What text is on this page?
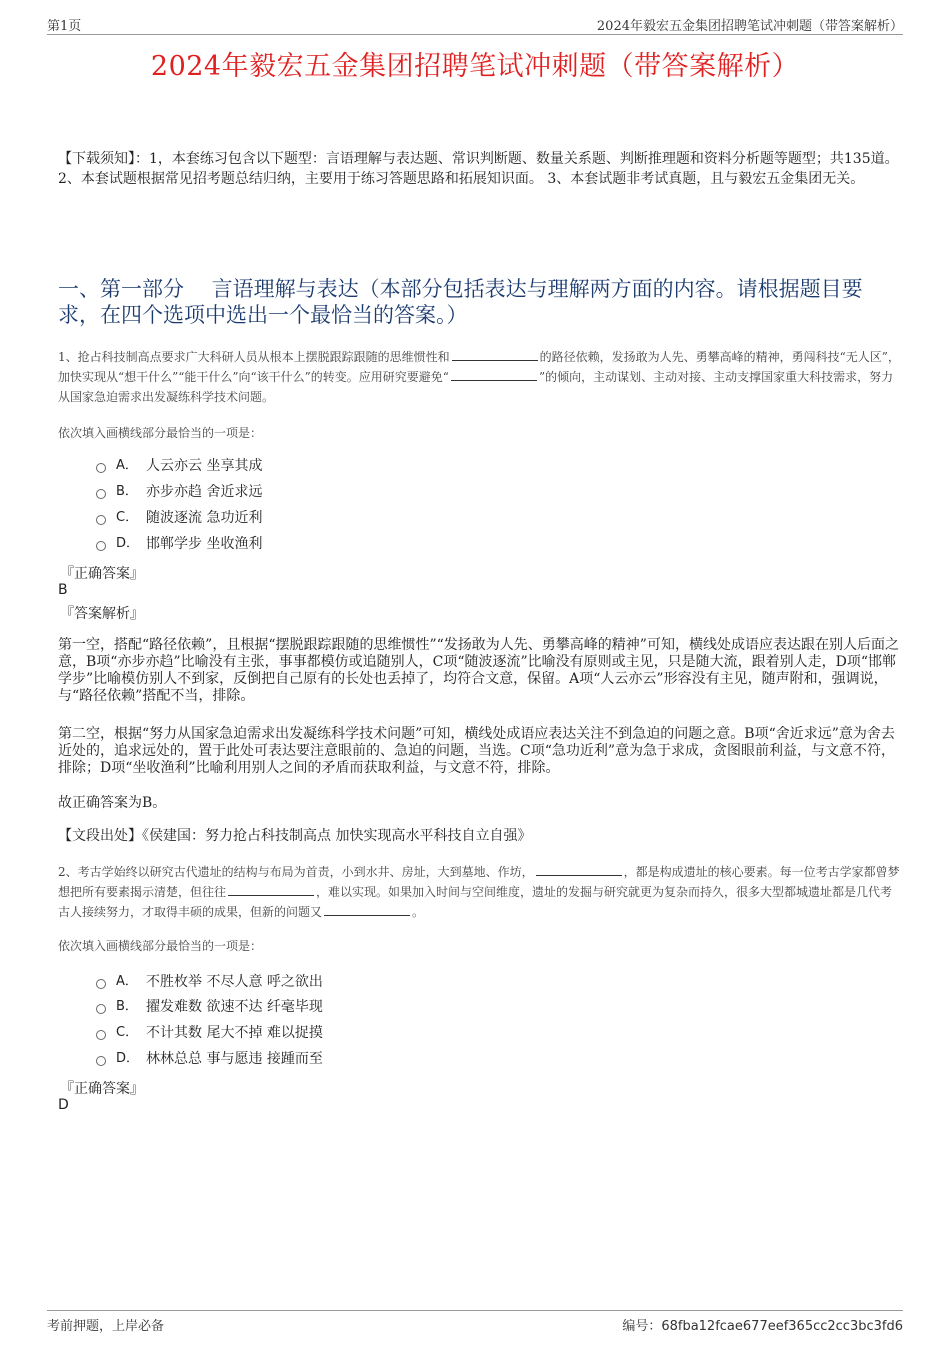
第1页	2024年毅宏五金集团招聘笔试冲刺题（带答案解析）
2024年毅宏五金集团招聘笔试冲刺题（带答案解析）
【下载须知】：1，本套练习包含以下题型：言语理解与表达题、常识判断题、数量关系题、判断推理题和资料分析题等题型；共135道。 2、本套试题根据常见招考题总结归纳，主要用于练习答题思路和拓展知识面。 3、本套试题非考试真题，且与毅宏五金集团无关。
一、第一部分　 言语理解与表达（本部分包括表达与理解两方面的内容。请根据题目要求，在四个选项中选出一个最恰当的答案。）
1、抢占科技制高点要求广大科研人员从根本上摆脱跟踪跟随的思维惯性和	的路径依赖，发扬敢为人先、勇攀高峰的精神，勇闯科技“无人区”，加快实现从“想干什么”“能干什么”向“该干什么”的转变。应用研究要避免“	”的倾向，主动谋划、主动对接、主动支撑国家重大科技需求，努力从国家急迫需求出发凝练科学技术问题。
依次填入画横线部分最恰当的一项是：
A． 人云亦云 坐享其成
B． 亦步亦趋 舍近求远
C． 随波逐流 急功近利
D． 邯郸学步 坐收渔利
『正确答案』
B
『答案解析』
第一空，搭配“路径依赖”，且根据“摆脱跟踪跟随的思维惯性”“发扬敢为人先、勇攀高峰的精神”可知，横线处成语应表达跟在别人后面之意，B项“亦步亦趋”比喻没有主张，事事都模仿或追随别人，C项“随波逐流”比喻没有原则或主见，只是随大流，跟着别人走，D项“邯郸学步”比喻模仿别人不到家，反倒把自己原有的长处也丢掉了，均符合文意，保留。A项“人云亦云”形容没有主见，随声附和，强调说，与“路径依赖”搭配不当，排除。
第二空，根据“努力从国家急迫需求出发凝练科学技术问题”可知，横线处成语应表达关注不到急迫的问题之意。B项“舍近求远”意为舍去近处的，追求远处的，置于此处可表达要注意眼前的、急迫的问题，当选。C项“急功近利”意为急于求成，贪图眼前利益，与文意不符，排除；D项“坐收渔利”比喻利用别人之间的矛盾而获取利益，与文意不符，排除。
故正确答案为B。
【文段出处】《侯建国：努力抢占科技制高点 加快实现高水平科技自立自强》
2、考古学始终以研究古代遗址的结构与布局为首责，小到水井、房址，大到墓地、作坊，	，都是构成遗址的核心要素。每一位考古学家都曾梦想把所有要素揭示清楚，但往往	，难以实现。如果加入时间与空间维度，遗址的发掘与研究就更为复杂而持久，很多大型都城遗址都是几代考古人接续努力，才取得丰硕的成果，但新的问题又	。
依次填入画横线部分最恰当的一项是：
A． 不胜枚举 不尽人意 呼之欲出
B． 擢发难数 欲速不达 纤毫毕现
C． 不计其数 尾大不掉 难以捉摸
D． 林林总总 事与愿违 接踵而至
『正确答案』
D
考前押题，上岸必备	编号：68fba12fcae677eef365cc2cc3bc3fd6
